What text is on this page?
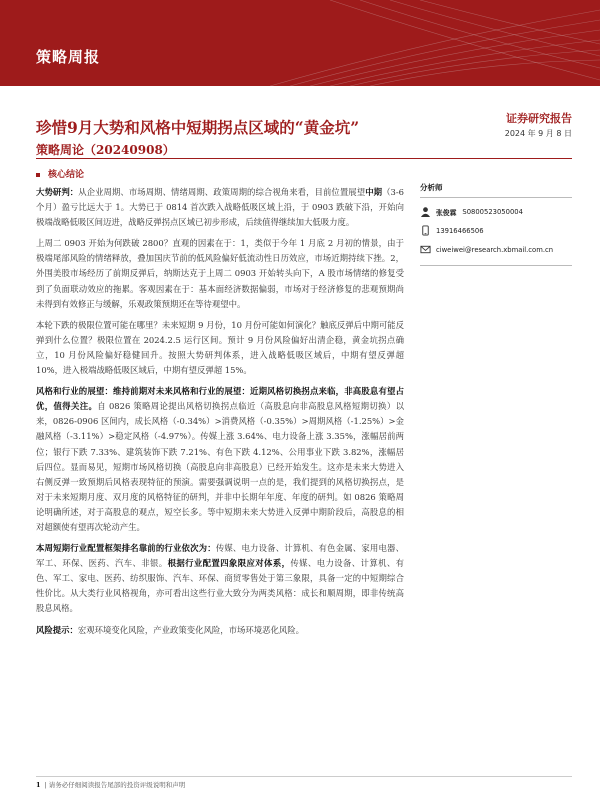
策略周报
珍惜9月大势和风格中短期拐点区域的“黄金坑”
策略周论（20240908）
证券研究报告
2024 年 9 月 8 日
核心结论

大势研判：从企业周期、市场周期、情绪周期、政策周期的综合视角来看，目前位置展望中期（3-6个月）盈亏比远大于 1。大势已于 0814 首次跌入战略低吸区域上沿，于 0903 跌破下沿，开始向极端战略低吸区间迈进，战略反弹拐点区域已初步形成，后续值得继续加大低吸力度。

上周二 0903 开始为何跌破 2800？直观的因素在于：1，类似于今年 1 月底 2 月初的情景，由于极端尾部风险的情绪释放，叠加国庆节前的低风险偏好低流动性日历效应，市场近期持续下挫。2，外围美股市场经历了前期反弹后，纳斯达克于上周二 0903 开始转头向下，A 股市场情绪的修复受到了负面联动效应的拖累。客观因素在于：基本面经济数据偏弱，市场对于经济修复的悲观预期尚未得到有效修正与缓解，乐观政策预期还在等待观望中。

本轮下跌的极限位置可能在哪里？未来短期 9 月份，10 月份可能如何演化？触底反弹后中期可能反弹到什么位置？极限位置在 2024.2.5 运行区间。预计 9 月份风险偏好出清企稳，黄金坑拐点确立，10 月份风险偏好稳健回升。按照大势研判体系，进入战略低吸区域后，中期有望反弹超 10%，进入极端战略低吸区域后，中期有望反弹超 15%。

风格和行业的展望：维持前期对未来风格和行业的展望：近期风格切换拐点来临，非高股息有望占优，值得关注。自 0826 策略周论提出风格切换拐点临近（高股息向非高股息风格短期切换）以来，0826-0906 区间内，成长风格（-0.34%）>消费风格（-0.35%）>周期风格（-1.25%）>金融风格（-3.11%）>稳定风格（-4.97%）。传媒上涨 3.64%、电力设备上涨 3.35%，涨幅居前两位；银行下跌 7.33%、建筑装饰下跌 7.21%、有色下跌 4.12%、公用事业下跌 3.82%，涨幅居后四位。显而易见，短期市场风格切换（高股息向非高股息）已经开始发生。这亦是未来大势进入右侧反弹一致预期后风格表现特征的预演。需要强调说明一点的是，我们提到的风格切换拐点，是对于未来短期月度、双月度的风格特征的研判，并非中长期年年度、年度的研判。如 0826 策略周论明确所述，对于高股息的观点，短空长多。等中短期未来大势进入反弹中期阶段后，高股息的相对超额使有望再次轮动产生。

本周短期行业配置框架排名靠前的行业依次为：传媒、电力设备、计算机、有色金属、家用电器、军工、环保、医药、汽车、非银。根据行业配置四象限应对体系，传媒、电力设备、计算机、有色、军工、家电、医药、纺织服饰、汽车、环保、商贸零售处于第三象限，具备一定的中短期综合性价比。从大类行业风格视角，亦可看出这些行业大致分为两类风格：成长和顺周期，即非传统高股息风格。

风险提示：宏观环境变化风险，产业政策变化风险，市场环境恶化风险。

分析师
张俊霖 S0800523050004
13916466506
ciweiwei@research.xbmail.com.cn
1 | 请务必仔细阅读报告尾部的投资评级说明和声明
